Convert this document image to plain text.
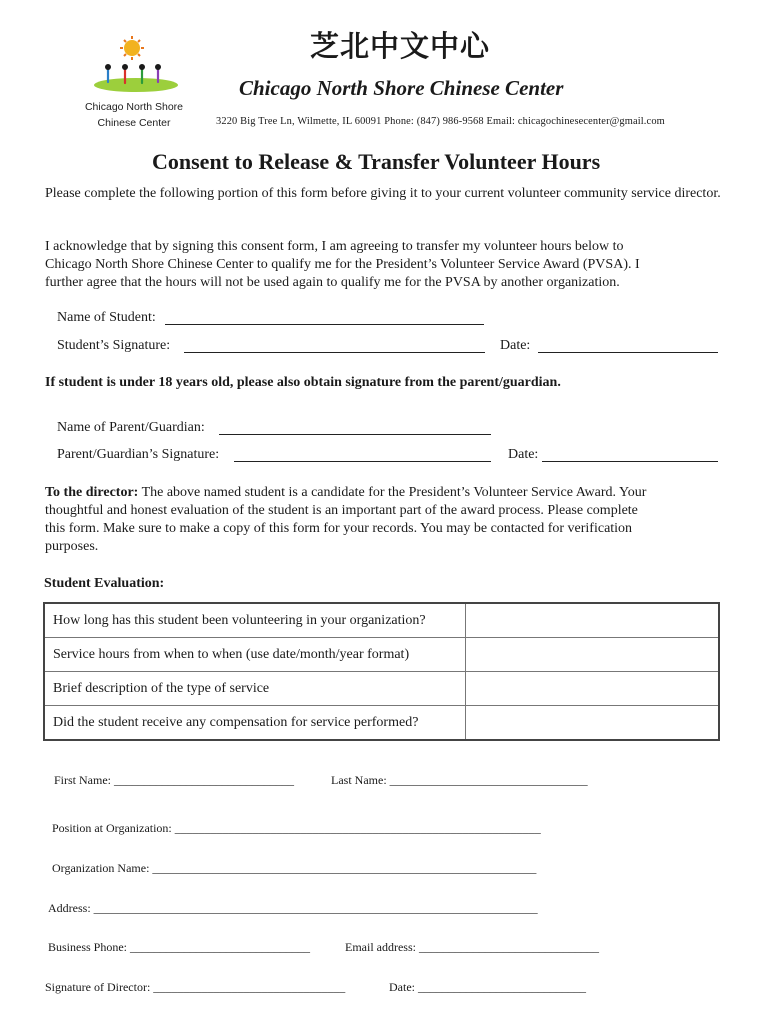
Chicago North Shore
Chinese Center
芝北中文中心
Chicago North Shore Chinese Center
3220 Big Tree Ln, Wilmette, IL 60091 Phone: (847) 986-9568 Email: chicagochinesecenter@gmail.com
Consent to Release & Transfer Volunteer Hours
Please complete the following portion of this form before giving it to your current volunteer community service director.
I acknowledge that by signing this consent form, I am agreeing to transfer my volunteer hours below to
Chicago North Shore Chinese Center to qualify me for the President’s Volunteer Service Award (PVSA). I
further agree that the hours will not be used again to qualify me for the PVSA by another organization.
Name of Student:
Student’s Signature:	Date:
If student is under 18 years old, please also obtain signature from the parent/guardian.
Name of Parent/Guardian:
Parent/Guardian’s Signature:	Date:
To the director: The above named student is a candidate for the President’s Volunteer Service Award. Your
thoughtful and honest evaluation of the student is an important part of the award process. Please complete
this form. Make sure to make a copy of this form for your records. You may be contacted for verification
purposes.
Student Evaluation:
How long has this student been volunteering in your organization?	
Service hours from when to when (use date/month/year format)	
Brief description of the type of service	
Did the student receive any compensation for service performed?	
First Name: ______________________________	Last Name: _________________________________
Position at Organization: _____________________________________________________________
Organization Name: ________________________________________________________________
Address: __________________________________________________________________________
Business Phone: ______________________________	Email address: ______________________________
Signature of Director: ________________________________	Date: ____________________________
